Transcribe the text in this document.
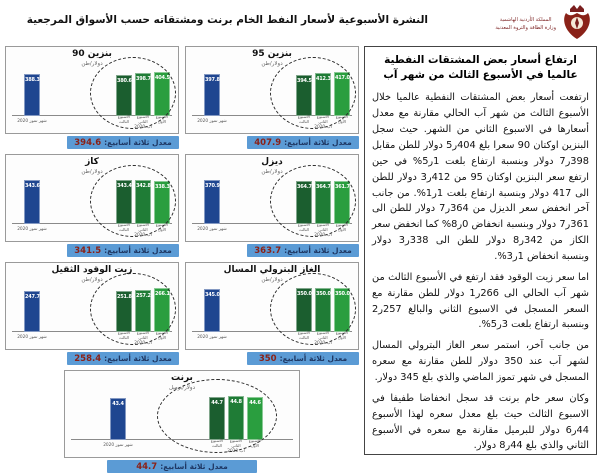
النشرة الأسبوعية لأسعار النفط الخام برنت ومشتقاته حسب الأسواق المرجعية	المملكة الأردنية الهاشمية
وزارة الطاقة والثروة المعدنية
بنزين 90
دولار/طن
388.3
شهر تموز 2020
380.6 398.7 404.5
الأسبوع الأول
الأسبوع الثاني
الأسبوع الثالث
آب 2020
معدل ثلاثة أسابيع:
394.6
بنزين 95
دولار/طن
397.8
شهر تموز 2020
394.5 412.3 417.0
الأسبوع الأول
الأسبوع الثاني
الأسبوع الثالث
آب 2020
معدل ثلاثة أسابيع:
407.9
كاز
دولار/طن
343.6
شهر تموز 2020
343.4 342.8 338.3
الأسبوع الأول
الأسبوع الثاني
الأسبوع الثالث
آب 2020
معدل ثلاثة أسابيع:
341.5
ديزل
دولار/طن
370.9
شهر تموز 2020
364.7 364.7 361.7
الأسبوع الأول
الأسبوع الثاني
الأسبوع الثالث
آب 2020
معدل ثلاثة أسابيع:
363.7
زيت الوقود الثقيل
دولار/طن
247.7
شهر تموز 2020
251.8 257.2 266.1
الأسبوع الأول
الأسبوع الثاني
الأسبوع الثالث
آب 2020
معدل ثلاثة أسابيع:
258.4
الغاز البترولي المسال
دولار/طن
345.0
شهر تموز 2020
350.0 350.0 350.0
الأسبوع الأول
الأسبوع الثاني
الأسبوع الثالث
آب 2020
معدل ثلاثة أسابيع:
350
برنت
دولار/برميل
43.4
شهر تموز 2020
44.7 44.8 44.6
الأسبوع الأول
الأسبوع الثاني
الأسبوع الثالث
آب 2020
معدل ثلاثة أسابيع:
44.7
ارتفاع أسعار بعض المشتقات النفطية عالميا في الأسبوع الثالث من شهر آب

ارتفعت أسعار بعض المشتقات النفطية عالميا خلال الأسبوع الثالث من شهر آب الحالي مقارنة مع معدل أسعارها في الاسبوع الثاني من الشهر. حيث سجل البنزين اوكتان 90 سعرا بلغ 404ر5 دولار للطن مقابل 398ر7 دولار وبنسبة ارتفاع بلغت 1ر5% في حين ارتفع سعر البنزين اوكتان 95 من 412ر3 دولار للطن الى 417 دولار وبنسبة ارتفاع بلغت 1ر1%. من جانب آخر انخفض سعر الديزل من 364ر7 دولار للطن الى 361ر7 دولار وبنسبة انخفاض 0ر8% كما انخفض سعر الكاز من 342ر8 دولار للطن الى 338ر3 دولار وبنسبة انخفاض 1ر3%.

اما سعر زيت الوقود فقد ارتفع في الأسبوع الثالث من شهر آب الحالي الى 266ر1 دولار للطن مقارنة مع السعر المسجل في الاسبوع الثاني والبالغ 257ر2 وبنسبة ارتفاع بلغت 3ر5%.

من جانب آخر، استمر سعر الغاز البترولي المسال لشهر آب عند 350 دولار للطن مقارنة مع سعره المسجل في شهر تموز الماضي والذي بلغ 345 دولار.

وكان سعر خام برنت قد سجل انخفاضا طفيفا في الاسبوع الثالث حيث بلغ معدل سعره لهذا الأسبوع 44ر6 دولار للبرميل مقارنة مع سعره في الأسبوع الثاني والذي بلغ 44ر8 دولار.
